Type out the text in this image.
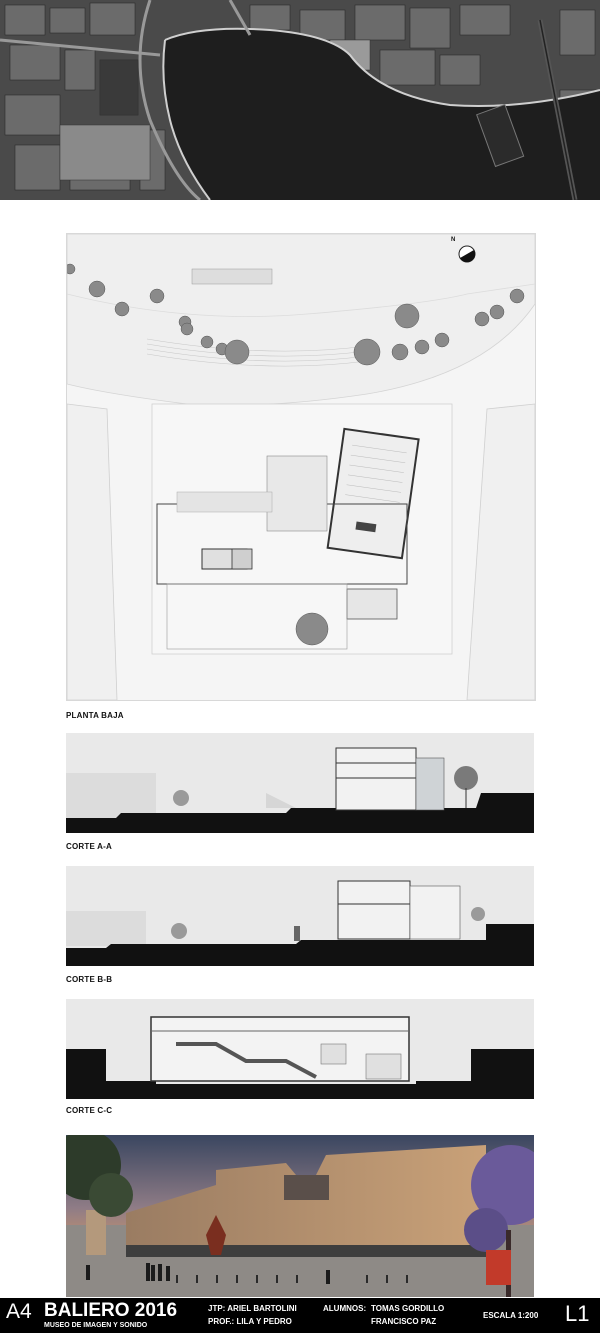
N
PLANTA BAJA
CORTE A-A
CORTE B-B
CORTE C-C
A4 BALIERO 2016
MUSEO DE IMAGEN Y SONIDO
JTP: ARIEL BARTOLINI
PROF.: LILA Y PEDRO
ALUMNOS: TOMAS GORDILLO
FRANCISCO PAZ
ESCALA 1:200 L1
